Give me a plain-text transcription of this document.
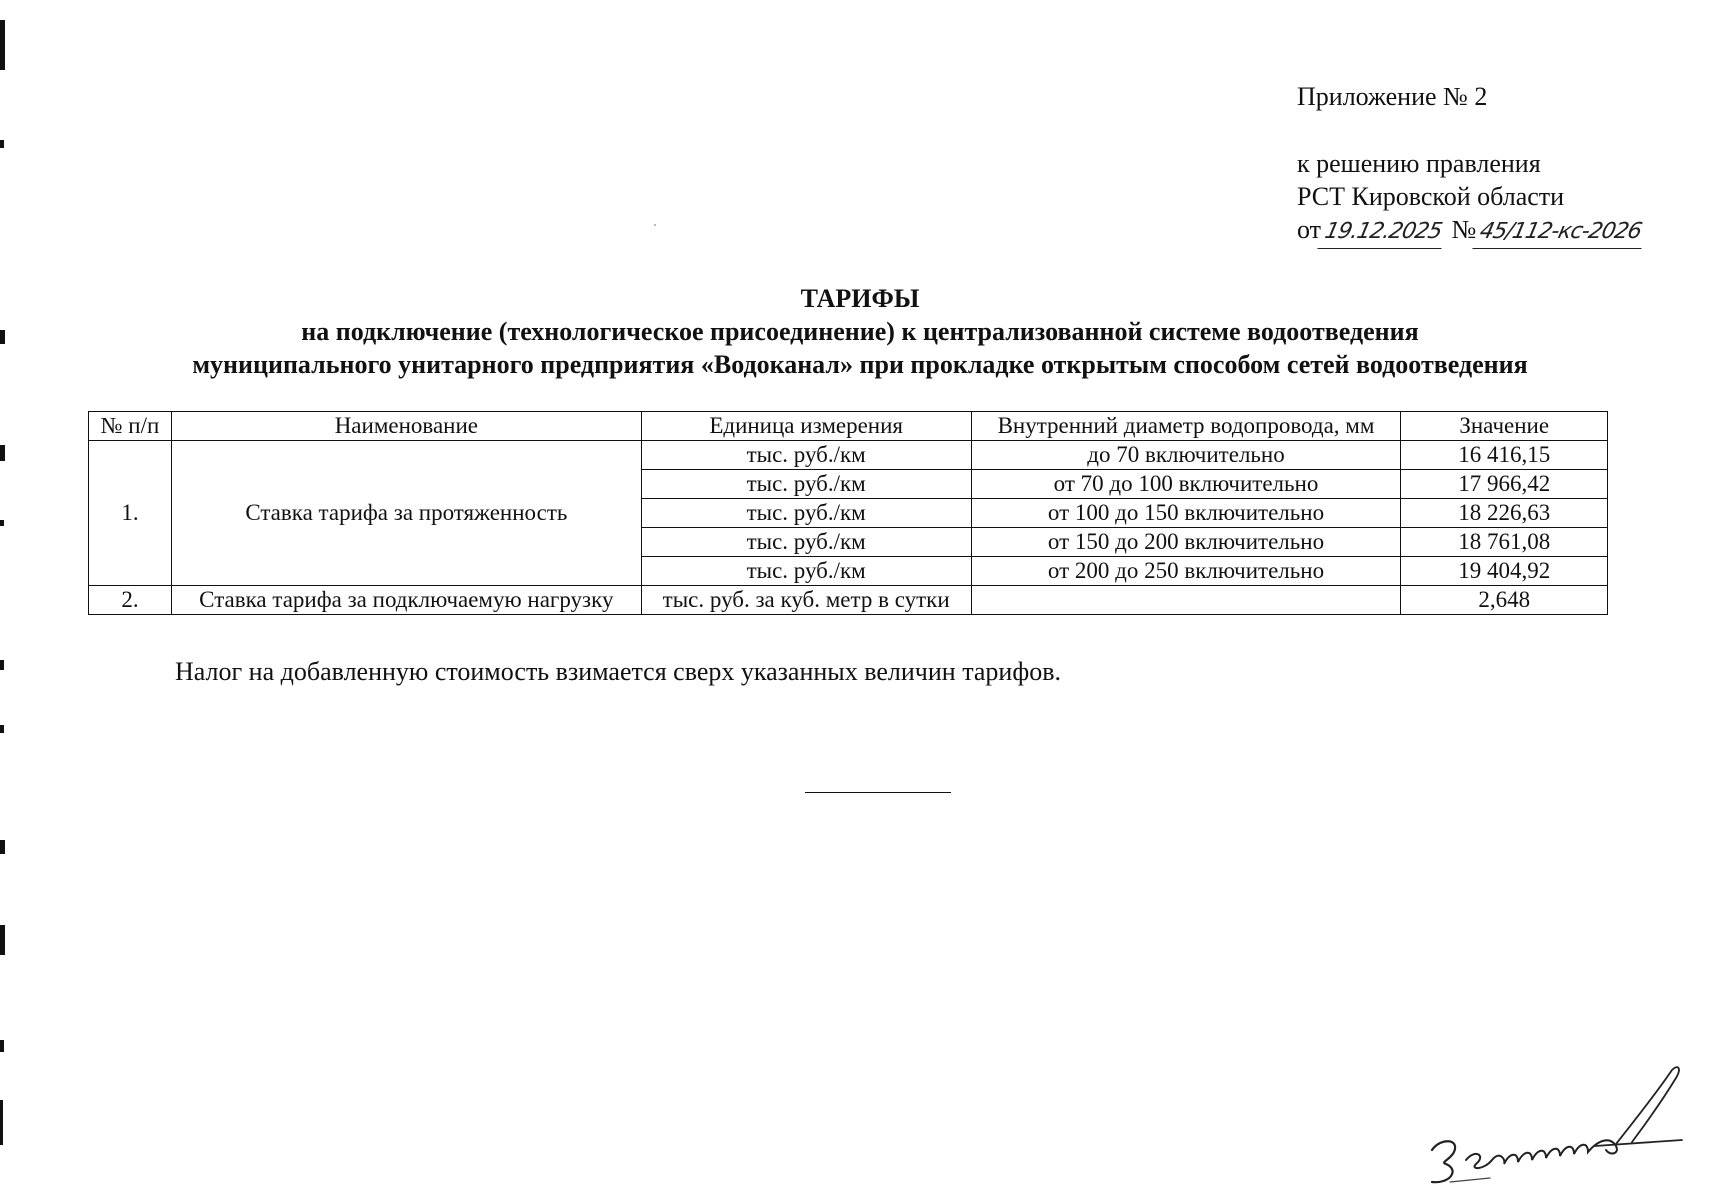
Приложение № 2
к решению правления
РСТ Кировской области
от19.12.2025 №45/112-кс-2026
ТАРИФЫ
на подключение (технологическое присоединение) к централизованной системе водоотведения
муниципального унитарного предприятия «Водоканал» при прокладке открытым способом сетей водоотведения
№ п/п	Наименование	Единица измерения	Внутренний диаметр водопровода, мм	Значение
1.	Ставка тарифа за протяженность	тыс. руб./км	до 70 включительно	16 416,15
		тыс. руб./км	от 70 до 100 включительно	17 966,42
		тыс. руб./км	от 100 до 150 включительно	18 226,63
		тыс. руб./км	от 150 до 200 включительно	18 761,08
		тыс. руб./км	от 200 до 250 включительно	19 404,92
2.	Ставка тарифа за подключаемую нагрузку	тыс. руб. за куб. метр в сутки		2,648
Налог на добавленную стоимость взимается сверх указанных величин тарифов.
